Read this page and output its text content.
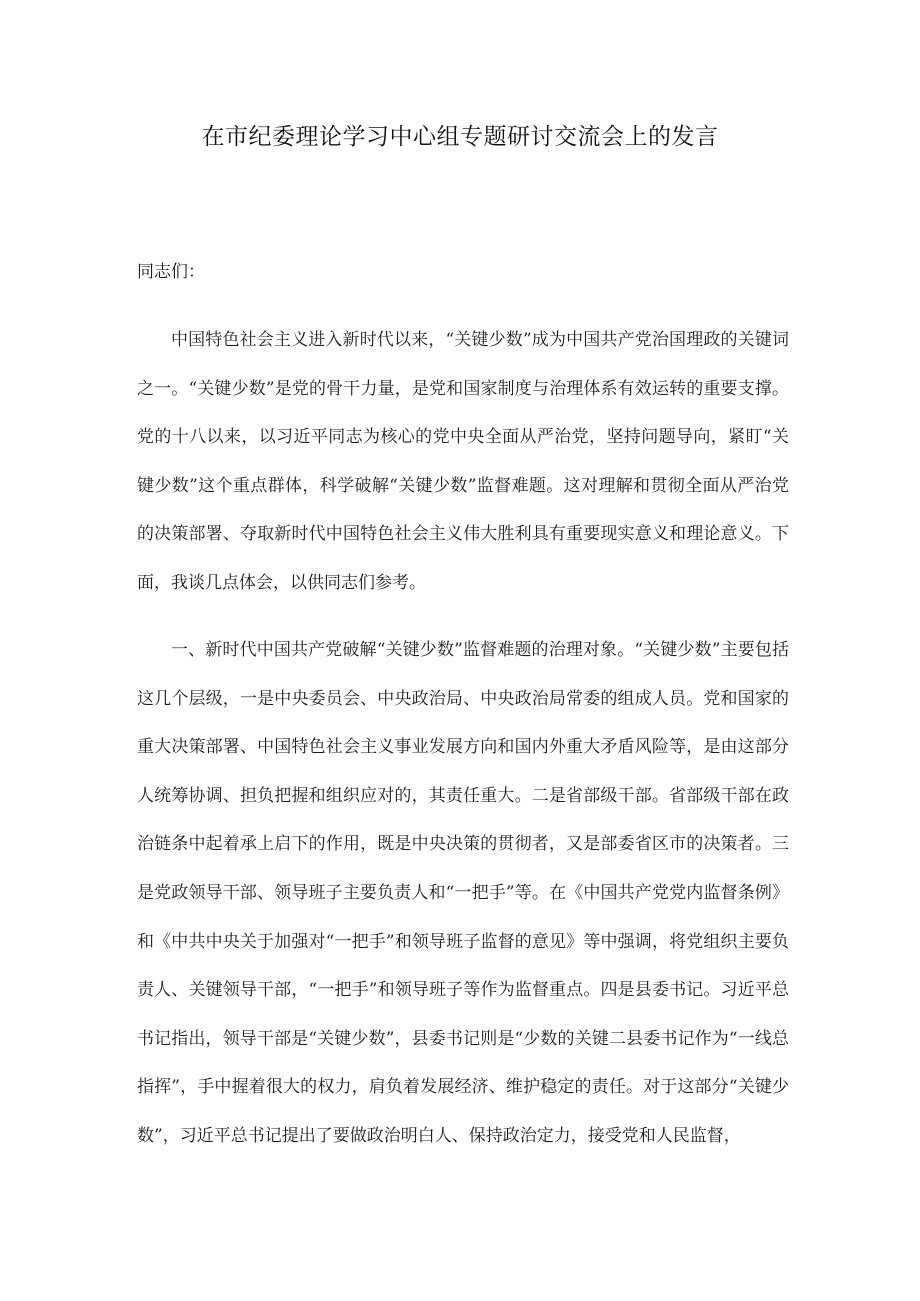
在市纪委理论学习中心组专题研讨交流会上的发言

同志们：

中国特色社会主义进入新时代以来，“关键少数”成为中国共产党治国理政的关键词之一。“关键少数”是党的骨干力量，是党和国家制度与治理体系有效运转的重要支撑。党的十八以来，以习近平同志为核心的党中央全面从严治党，坚持问题导向，紧盯“关键少数”这个重点群体，科学破解“关键少数”监督难题。这对理解和贯彻全面从严治党的决策部署、夺取新时代中国特色社会主义伟大胜利具有重要现实意义和理论意义。下面，我谈几点体会，以供同志们参考。

一、新时代中国共产党破解“关键少数”监督难题的治理对象。“关键少数”主要包括这几个层级，一是中央委员会、中央政治局、中央政治局常委的组成人员。党和国家的重大决策部署、中国特色社会主义事业发展方向和国内外重大矛盾风险等，是由这部分人统筹协调、担负把握和组织应对的，其责任重大。二是省部级干部。省部级干部在政治链条中起着承上启下的作用，既是中央决策的贯彻者，又是部委省区市的决策者。三是党政领导干部、领导班子主要负责人和“一把手”等。在《中国共产党党内监督条例》和《中共中央关于加强对“一把手”和领导班子监督的意见》等中强调，将党组织主要负责人、关键领导干部，“一把手”和领导班子等作为监督重点。四是县委书记。习近平总书记指出，领导干部是“关键少数”，县委书记则是“少数的关键二县委书记作为“一线总指挥”，手中握着很大的权力，肩负着发展经济、维护稳定的责任。对于这部分“关键少数”，习近平总书记提出了要做政治明白人、保持政治定力，接受党和人民监督，
